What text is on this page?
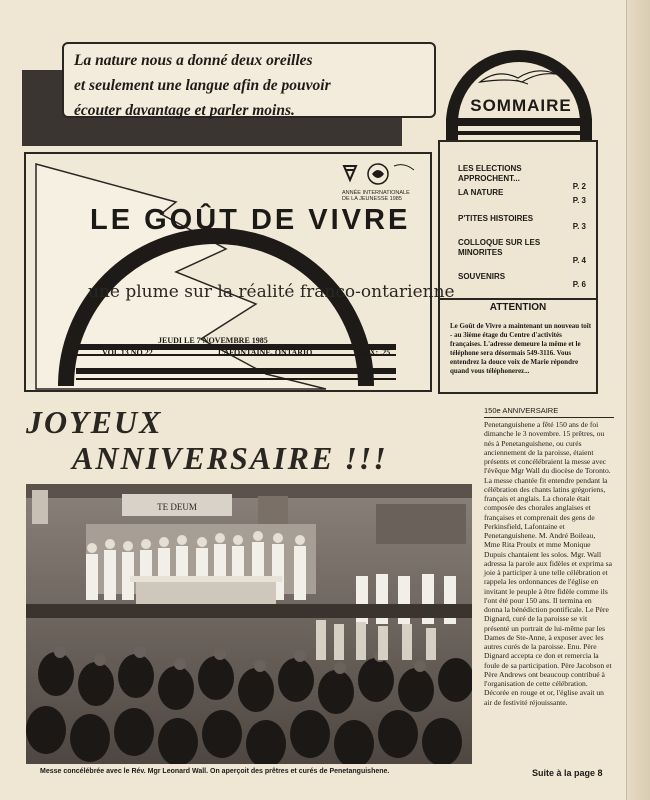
La nature nous a donné deux oreilles
et seulement une langue afin de pouvoir
écouter davantage et parler moins.	SOMMAIRE
LES ELECTIONS APPROCHENT...
P. 2
LA NATURE
P. 3
P'TITES HISTOIRES
P. 3
COLLOQUE SUR LES MINORITES
P. 4
SOUVENIRS
P. 6
ATTENTION
Le Goût de Vivre a maintenant un nouveau toît - au 3ième étage du Centre d'activités françaises. L'adresse demeure la même et le téléphone sera désormais 549-3116. Vous entendrez la douce voix de Marie répondre quand vous téléphonerez...
ANNÉE INTERNATIONALE
DE LA JEUNESSE 1985
LE GOÛT DE VIVRE
une plume sur la réalité franco-ontarienne
JEUDI LE 7 NOVEMBRE 1985
VOL 13 NO 22	LAFONTAINE, ONTARIO	PRIX: .25
JOYEUX
ANNIVERSAIRE !!!
TE DEUM
Messe concélébrée avec le Rév. Mgr Leonard Wall. On aperçoit des prêtres et curés de Penetanguishene.
150e ANNIVERSAIRE
Penetanguishene a fêté 150 ans de foi dimanche le 3 novembre. 15 prêtres, ou nés à Penetanguishene, ou curés anciennement de la paroisse, étaient présents et concélébraient la messe avec l'évêque Mgr Wall du diocèse de Toronto. La messe chantée fit entendre pendant la célébration des chants latins grégoriens, français et anglais. La chorale était composée des chorales anglaises et françaises et comprenait des gens de Perkinsfield, Lafontaine et Penetanguishene. M. André Boileau, Mme Rita Proulx et mme Monique Dupuis chantaient les solos. Mgr. Wall adressa la parole aux fidèles et exprima sa joie à participer à une telle célébration et rappela les ordonnances de l'église en invitant le peuple à être fidèle comme ils l'ont été pour 150 ans. Il termina en donna la bénédiction pontificale. Le Père Dignard, curé de la paroisse se vit présenté un portrait de lui-même par les Dames de Ste-Anne, à exposer avec les autres curés de la paroisse. Enu. Père Dignard accepta ce don et remercia la foule de sa participation. Père Jacobson et Père Andrews ont beaucoup contribué à l'organisation de cette célébration. Décorée en rouge et or, l'église avait un air de festivité réjouissante.
Suite à la page 8
